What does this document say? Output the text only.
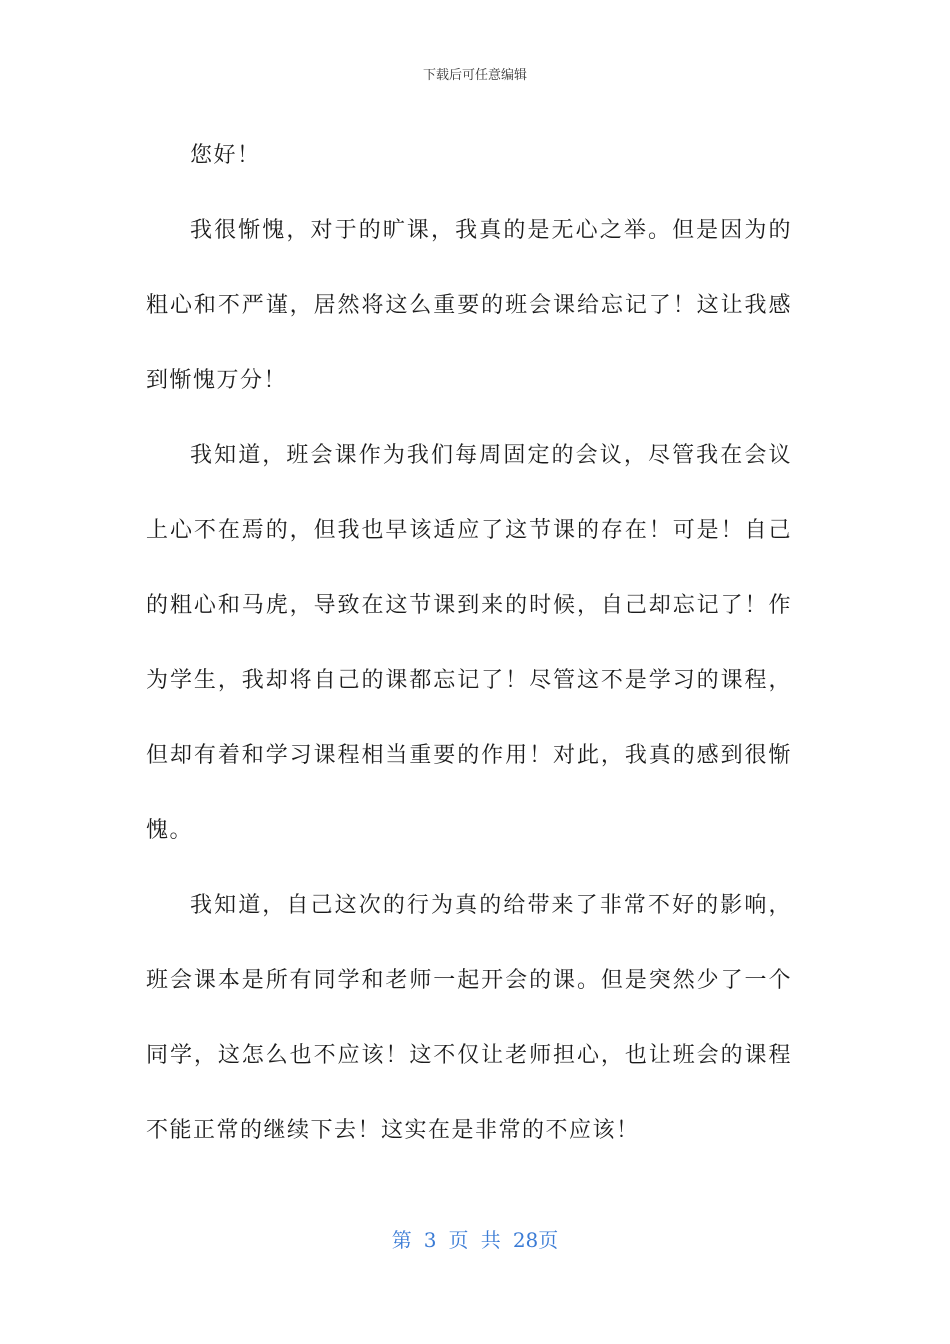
下载后可任意编辑

您好！

我很惭愧，对于的旷课，我真的是无心之举。但是因为的粗心和不严谨，居然将这么重要的班会课给忘记了！这让我感到惭愧万分！

我知道，班会课作为我们每周固定的会议，尽管我在会议上心不在焉的，但我也早该适应了这节课的存在！可是！自己的粗心和马虎，导致在这节课到来的时候，自己却忘记了！作为学生，我却将自己的课都忘记了！尽管这不是学习的课程，但却有着和学习课程相当重要的作用！对此，我真的感到很惭愧。

我知道，自己这次的行为真的给带来了非常不好的影响，班会课本是所有同学和老师一起开会的课。但是突然少了一个同学，这怎么也不应该！这不仅让老师担心，也让班会的课程不能正常的继续下去！这实在是非常的不应该！

第 3 页 共 28页
